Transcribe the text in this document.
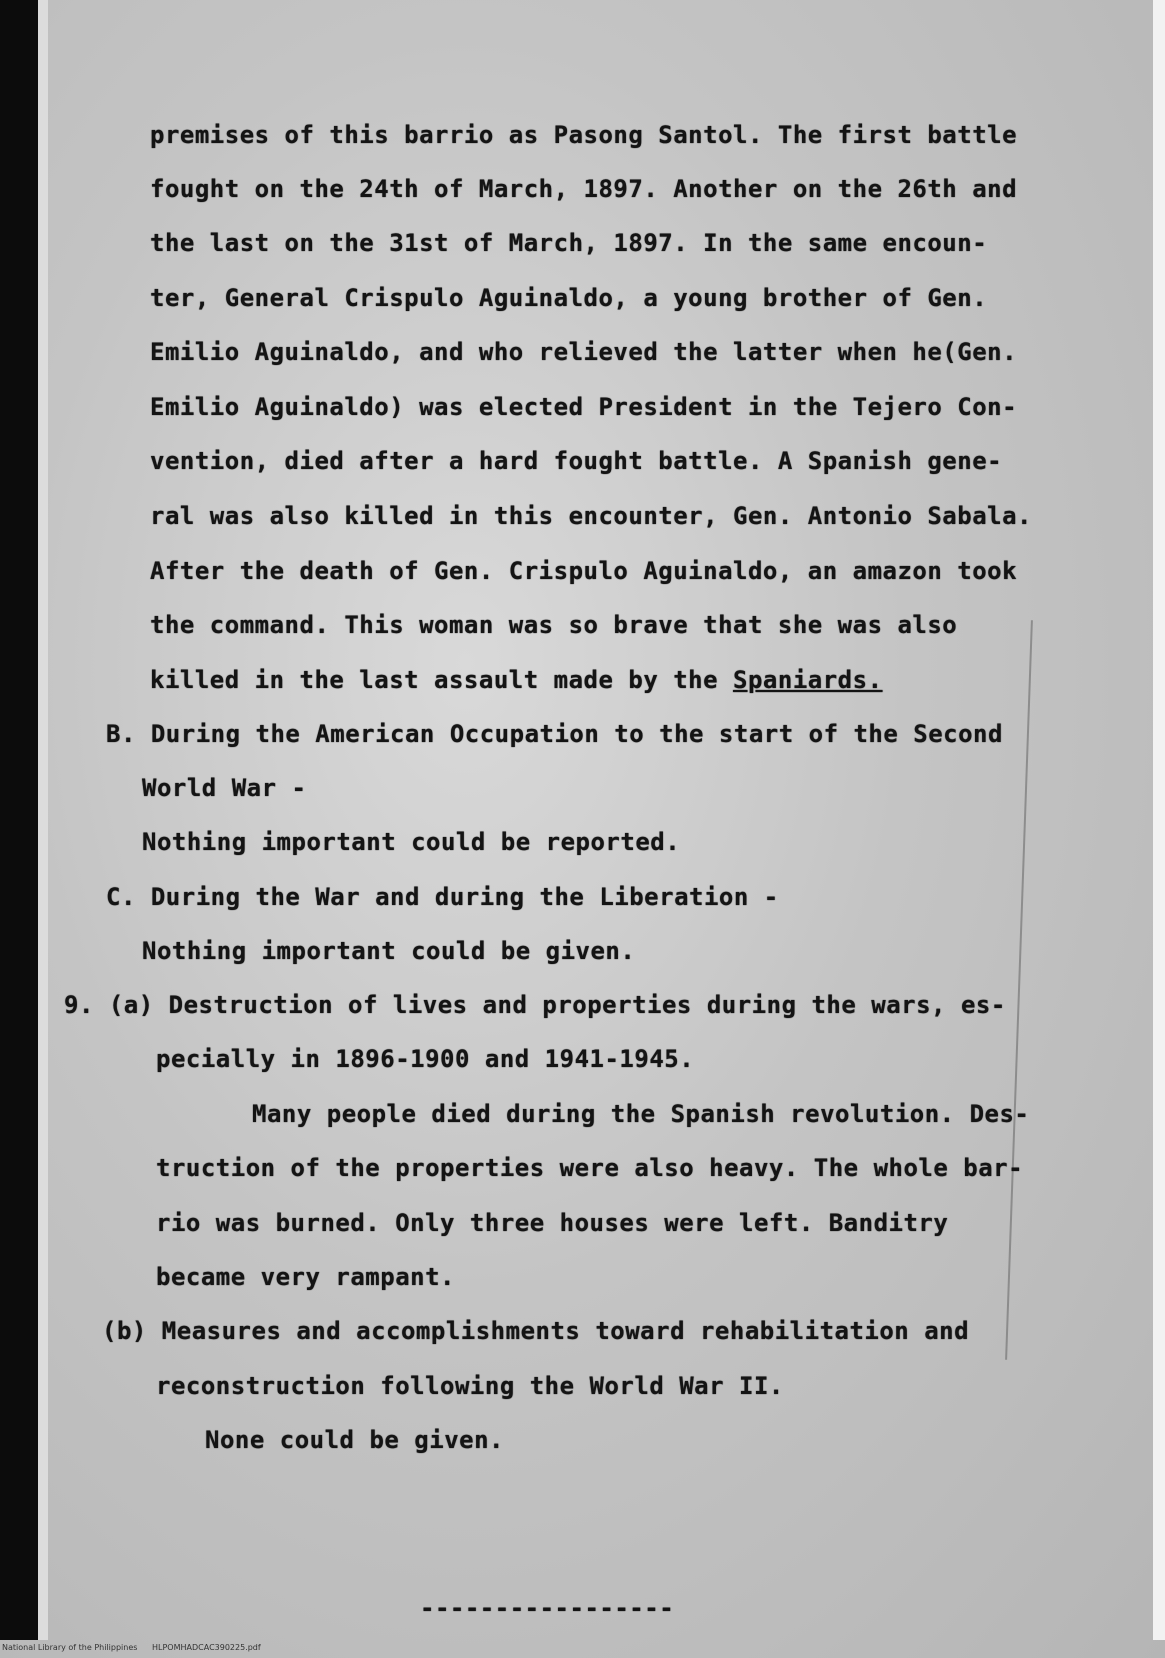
premises of this barrio as Pasong Santol. The first battle
fought on the 24th of March, 1897. Another on the 26th and
the last on the 31st of March, 1897. In the same encoun-
ter, General Crispulo Aguinaldo, a young brother of Gen.
Emilio Aguinaldo, and who relieved the latter when he(Gen.
Emilio Aguinaldo) was elected President in the Tejero Con-
vention, died after a hard fought battle. A Spanish gene-
ral was also killed in this encounter, Gen. Antonio Sabala.
After the death of Gen. Crispulo Aguinaldo, an amazon took
the command. This woman was so brave that she was also
killed in the last assault made by the Spaniards.
B. During the American Occupation to the start of the Second
World War -
Nothing important could be reported.
C. During the War and during the Liberation -
Nothing important could be given.
9. (a) Destruction of lives and properties during the wars, es-
pecially in 1896-1900 and 1941-1945.
Many people died during the Spanish revolution. Des-
truction of the properties were also heavy. The whole bar-
rio was burned. Only three houses were left. Banditry
became very rampant.
(b) Measures and accomplishments toward rehabilitation and
reconstruction following the World War II.
None could be given.
-----------------
National Library of the Philippines HLPOMHADCAC390225.pdf
